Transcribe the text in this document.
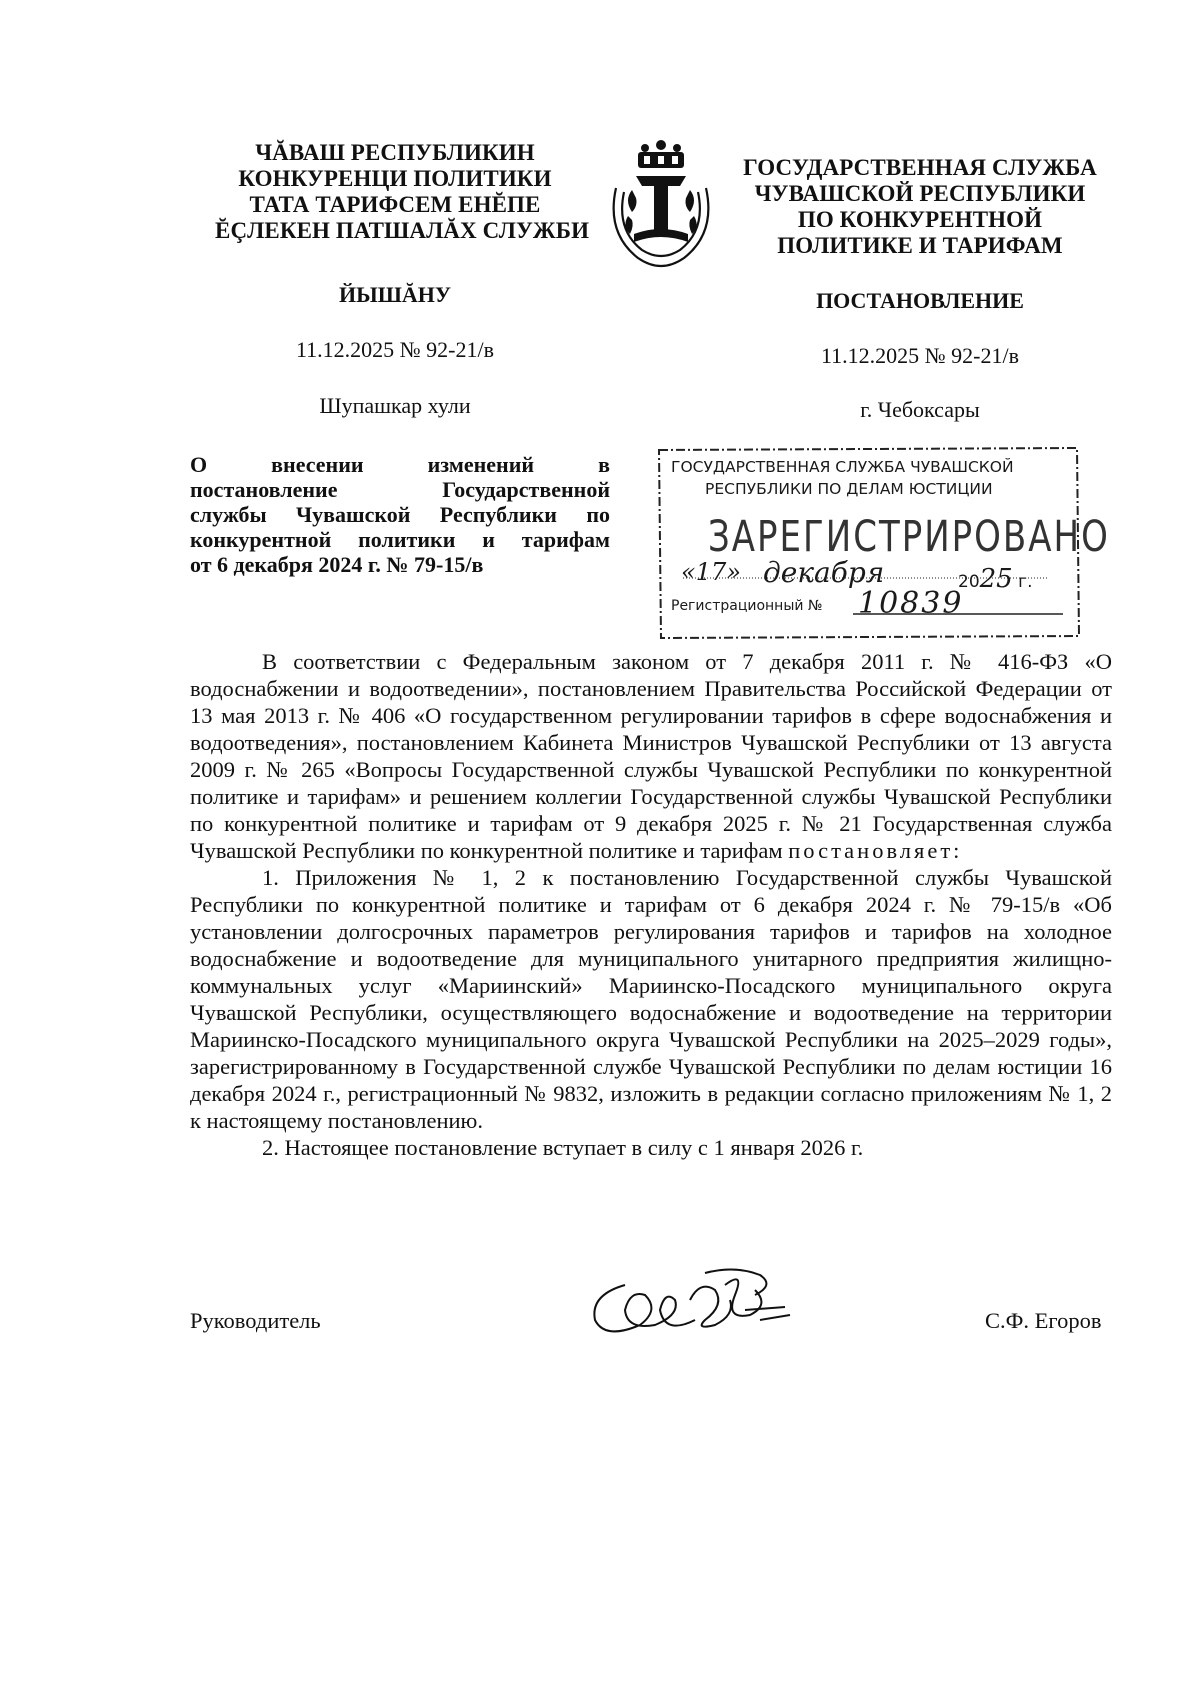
ЧĂВАШ РЕСПУБЛИКИН
КОНКУРЕНЦИ ПОЛИТИКИ
ТАТА ТАРИФСЕМ ЕНĔПЕ
ĔÇЛЕКЕН ПАТШАЛĂХ СЛУЖБИ
ЙЫШĂНУ
11.12.2025 № 92-21/в
Шупашкар хули
ГОСУДАРСТВЕННАЯ СЛУЖБА
ЧУВАШСКОЙ РЕСПУБЛИКИ
ПО КОНКУРЕНТНОЙ
ПОЛИТИКЕ И ТАРИФАМ
ПОСТАНОВЛЕНИЕ
11.12.2025 № 92-21/в
г. Чебоксары
О внесении изменений в
постановление Государственной
службы Чувашской Республики по
конкурентной политики и тарифам
от 6 декабря 2024 г. № 79-15/в
ГОСУДАРСТВЕННАЯ СЛУЖБА ЧУВАШСКОЙ
РЕСПУБЛИКИ ПО ДЕЛАМ ЮСТИЦИИ
ЗАРЕГИСТРИРОВАНО
«17» декабря	2025 г.
Регистрационный № 10839

В соответствии с Федеральным законом от 7 декабря 2011 г. № 416-ФЗ «О водоснабжении и водоотведении», постановлением Правительства Российской Федерации от 13 мая 2013 г. № 406 «О государственном регулировании тарифов в сфере водоснабжения и водоотведения», постановлением Кабинета Министров Чувашской Республики от 13 августа 2009 г. № 265 «Вопросы Государственной службы Чувашской Республики по конкурентной политике и тарифам» и решением коллегии Государственной службы Чувашской Республики по конкурентной политике и тарифам от 9 декабря 2025 г. № 21 Государственная служба Чувашской Республики по конкурентной политике и тарифам постановляет:

1. Приложения № 1, 2 к постановлению Государственной службы Чувашской Республики по конкурентной политике и тарифам от 6 декабря 2024 г. № 79-15/в «Об установлении долгосрочных параметров регулирования тарифов и тарифов на холодное водоснабжение и водоотведение для муниципального унитарного предприятия жилищно-коммунальных услуг «Мариинский» Мариинско-Посадского муниципального округа Чувашской Республики, осуществляющего водоснабжение и водоотведение на территории Мариинско-Посадского муниципального округа Чувашской Республики на 2025–2029 годы», зарегистрированному в Государственной службе Чувашской Республики по делам юстиции 16 декабря 2024 г., регистрационный № 9832, изложить в редакции согласно приложениям № 1, 2 к настоящему постановлению.

2. Настоящее постановление вступает в силу с 1 января 2026 г.

Руководитель	С.Ф. Егоров
